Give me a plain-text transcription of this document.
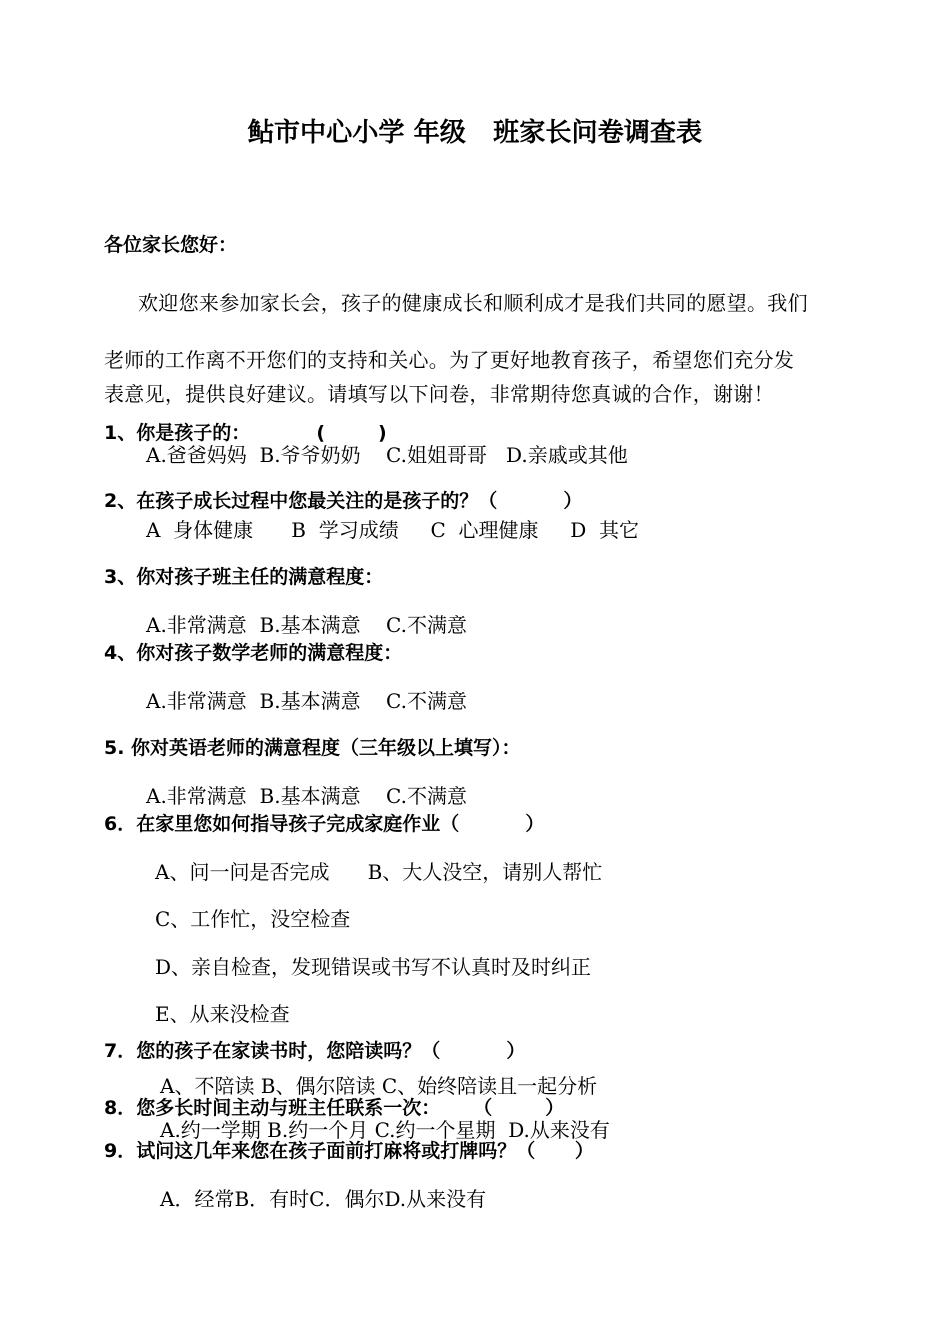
鲇市中心小学 年级   班家长问卷调查表

各位家长您好：

欢迎您来参加家长会，孩子的健康成长和顺利成才是我们共同的愿望。我们

老师的工作离不开您们的支持和关心。为了更好地教育孩子，希望您们充分发

表意见，提供良好建议。请填写以下问卷，非常期待您真诚的合作，谢谢！

1、你是孩子的：          (        )

A.爸爸妈妈  B.爷爷奶奶    C.姐姐哥哥   D.亲戚或其他

2、在孩子成长过程中您最关注的是孩子的？（          ）

A  身体健康      B  学习成绩     C  心理健康     D  其它

3、你对孩子班主任的满意程度：

A.非常满意  B.基本满意    C.不满意

4、你对孩子数学老师的满意程度：

A.非常满意  B.基本满意    C.不满意

5. 你对英语老师的满意程度（三年级以上填写）：

A.非常满意  B.基本满意    C.不满意

6．在家里您如何指导孩子完成家庭作业（          ）

A、问一问是否完成      B、大人没空，请别人帮忙

C、工作忙，没空检查

D、亲自检查，发现错误或书写不认真时及时纠正

E、从来没检查

7．您的孩子在家读书时，您陪读吗？（          ）

A、不陪读 B、偶尔陪读 C、始终陪读且一起分析

8．您多长时间主动与班主任联系一次：     （        ）

A.约一学期 B.约一个月 C.约一个星期  D.从来没有

9．试问这几年来您在孩子面前打麻将或打牌吗？（      ）

A．经常B．有时C．偶尔D.从来没有
